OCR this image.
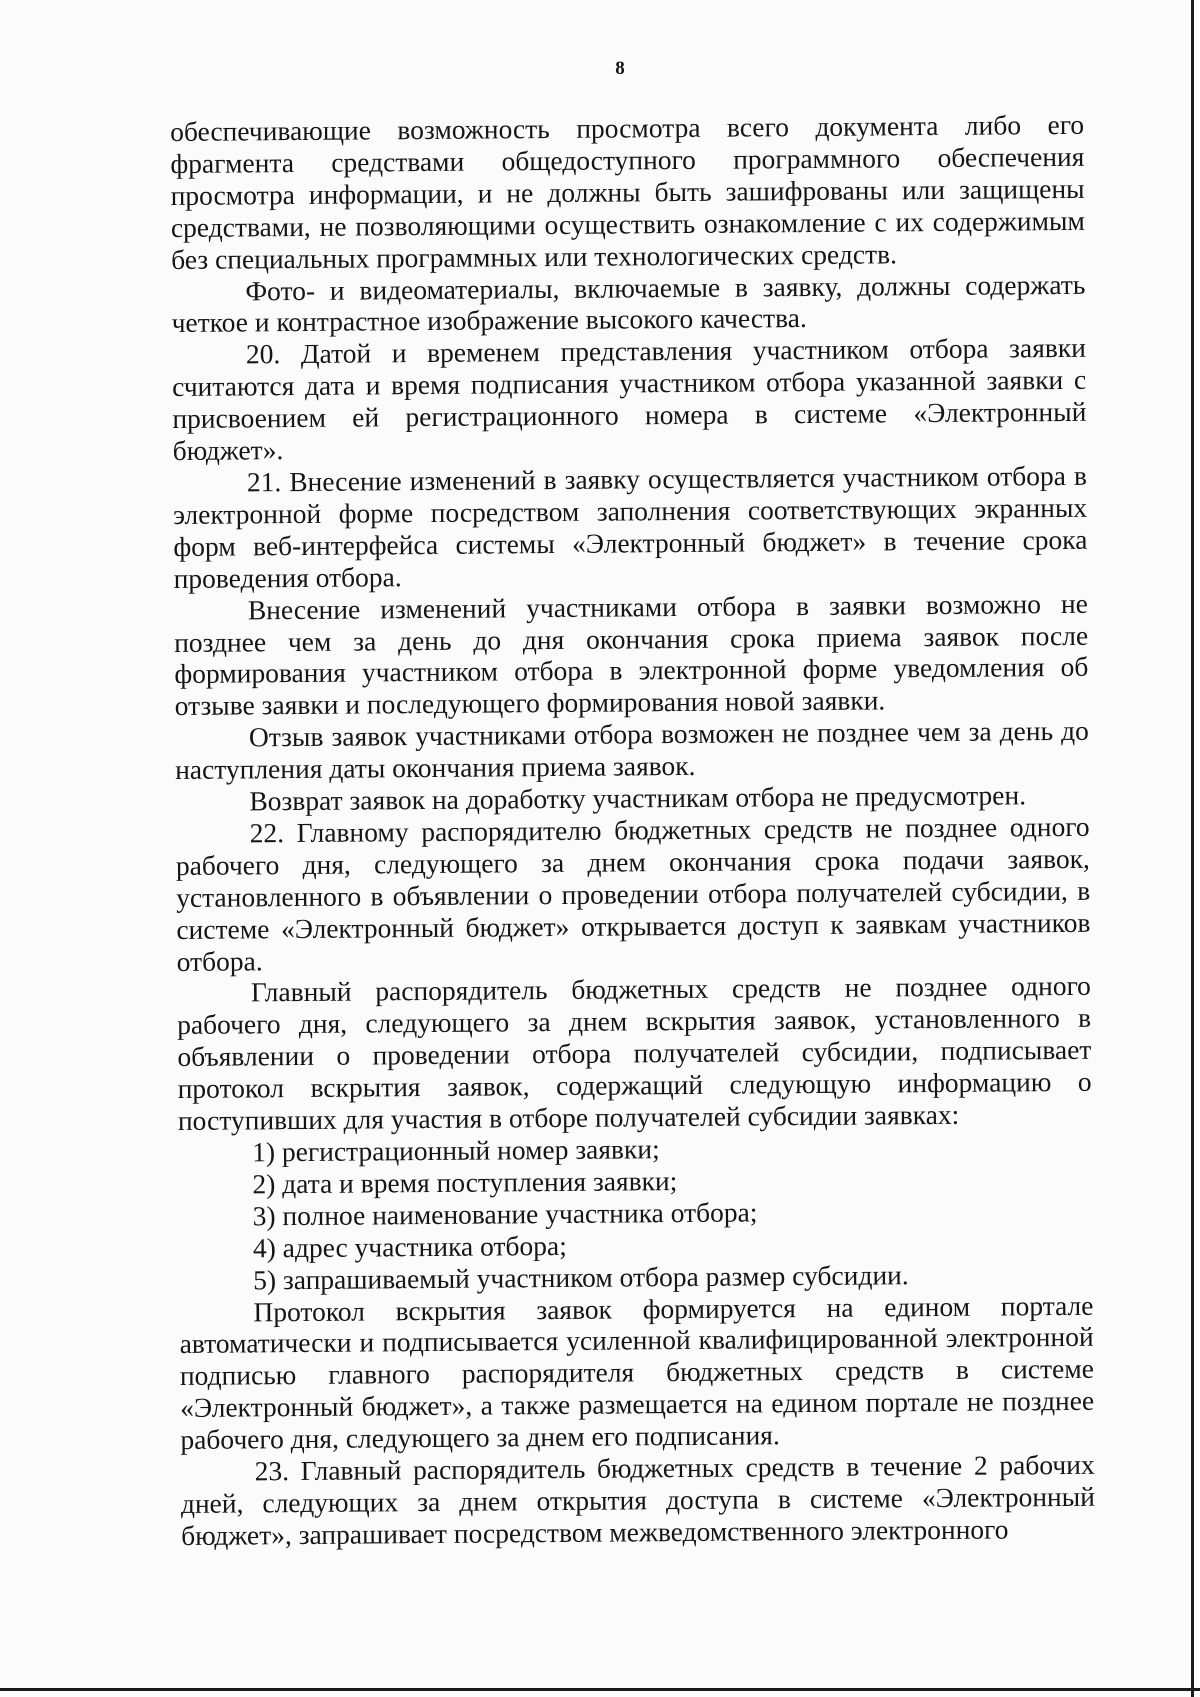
8

обеспечивающие возможность просмотра всего документа либо его фрагмента средствами общедоступного программного обеспечения просмотра информации, и не должны быть зашифрованы или защищены средствами, не позволяющими осуществить ознакомление с их содержимым без специальных программных или технологических средств.

Фото- и видеоматериалы, включаемые в заявку, должны содержать четкое и контрастное изображение высокого качества.

20. Датой и временем представления участником отбора заявки считаются дата и время подписания участником отбора указанной заявки с присвоением ей регистрационного номера в системе «Электронный бюджет».

21. Внесение изменений в заявку осуществляется участником отбора в электронной форме посредством заполнения соответствующих экранных форм веб-интерфейса системы «Электронный бюджет» в течение срока проведения отбора.

Внесение изменений участниками отбора в заявки возможно не позднее чем за день до дня окончания срока приема заявок после формирования участником отбора в электронной форме уведомления об отзыве заявки и последующего формирования новой заявки.

Отзыв заявок участниками отбора возможен не позднее чем за день до наступления даты окончания приема заявок.

Возврат заявок на доработку участникам отбора не предусмотрен.

22. Главному распорядителю бюджетных средств не позднее одного рабочего дня, следующего за днем окончания срока подачи заявок, установленного в объявлении о проведении отбора получателей субсидии, в системе «Электронный бюджет» открывается доступ к заявкам участников отбора.

Главный распорядитель бюджетных средств не позднее одного рабочего дня, следующего за днем вскрытия заявок, установленного в объявлении о проведении отбора получателей субсидии, подписывает протокол вскрытия заявок, содержащий следующую информацию о поступивших для участия в отборе получателей субсидии заявках:

1) регистрационный номер заявки;

2) дата и время поступления заявки;

3) полное наименование участника отбора;

4) адрес участника отбора;

5) запрашиваемый участником отбора размер субсидии.

Протокол вскрытия заявок формируется на едином портале автоматически и подписывается усиленной квалифицированной электронной подписью главного распорядителя бюджетных средств в системе «Электронный бюджет», а также размещается на едином портале не позднее рабочего дня, следующего за днем его подписания.

23. Главный распорядитель бюджетных средств в течение 2 рабочих дней, следующих за днем открытия доступа в системе «Электронный бюджет», запрашивает посредством межведомственного электронного
